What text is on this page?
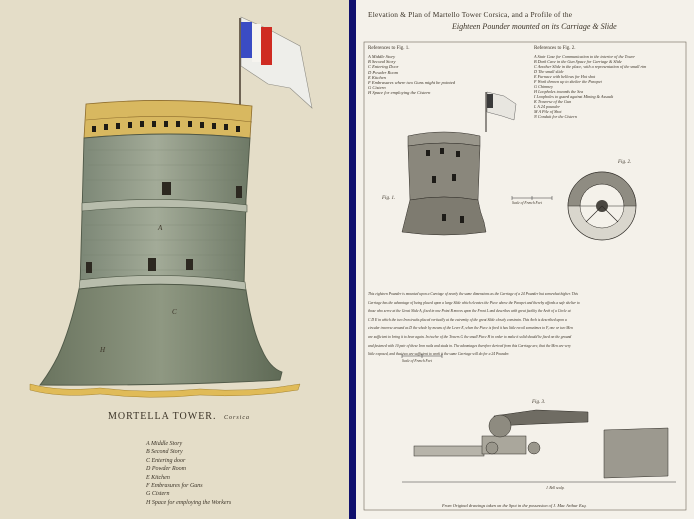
A
C
H
MORTELLA TOWER. Corsica
A Middle Story
B Second Story
C Entering door
D Powder Room
E Kitchen
F Embrasures for Guns
G Cistern
H Space for employing the Workers
Elevation & Plan of Martello Tower Corsica, and a Profile of the
Eighteen Pounder mounted on its Carriage & Slide
References to Fig. 1.
A Middle Story
B Second Story
C Entering Door
D Powder Room
E Kitchen
F Embrasures where two Guns might be pointed
G Cistern
H Space for employing the Cistern
References to Fig. 2.
A Stair Case for Communication to the interior of the Tower
B Dark Cave in the Gun Space for Carriage & Slide
C Another Slide in the place, with a representation of the small rim
D The small slide
E Furnace with bellows for Hot shot
F Work thrown up to shelter the Parapet
G Chimney
H Loopholes towards the Sea
I Loopholes to guard against Mining & Assault
K Traverse of the Gun
L A 24 pounder
M A Pile of Shot
N Conduit for the Cistern
Fig. 1.
Fig. 2.
Scale of French Feet
This eighteen Pounder is mounted upon a Carriage of nearly the same dimensions as the Carriage of a 24 Pounder but somewhat higher. This
Carriage has the advantage of being placed upon a large Slide which elevates the Piece above the Parapet and thereby affords a safe shelter to
those who serve at the Great Slide A, fixed in one Point B moves upon the Front L and describes with great facility the Arch of a Circle at
C D E in which the two Iron trucks placed vertically at the extremity of the great Slide closely constrain. This Arch is described upon a
circular traverse around as D the whole by means of the Lever E, when the Piece is fired it has little recoil sometimes to F, one or two Men
are sufficient to bring it to bear again. In twelve of the Towers G the small Piece H in order to make it solid should be fixed on the ground
and fastened with 10 pair of these Iron nails and studs in. The advantages therefore derived from this Carriage are, that the Men are very
little exposed, and that two are sufficient to work it the same Carriage will do for a 24 Pounder.
Scale of French Feet
Fig. 3.
J. Bell sculp.
From Original drawings taken on the Spot in the possession of J. Mac Arthur Esq.
